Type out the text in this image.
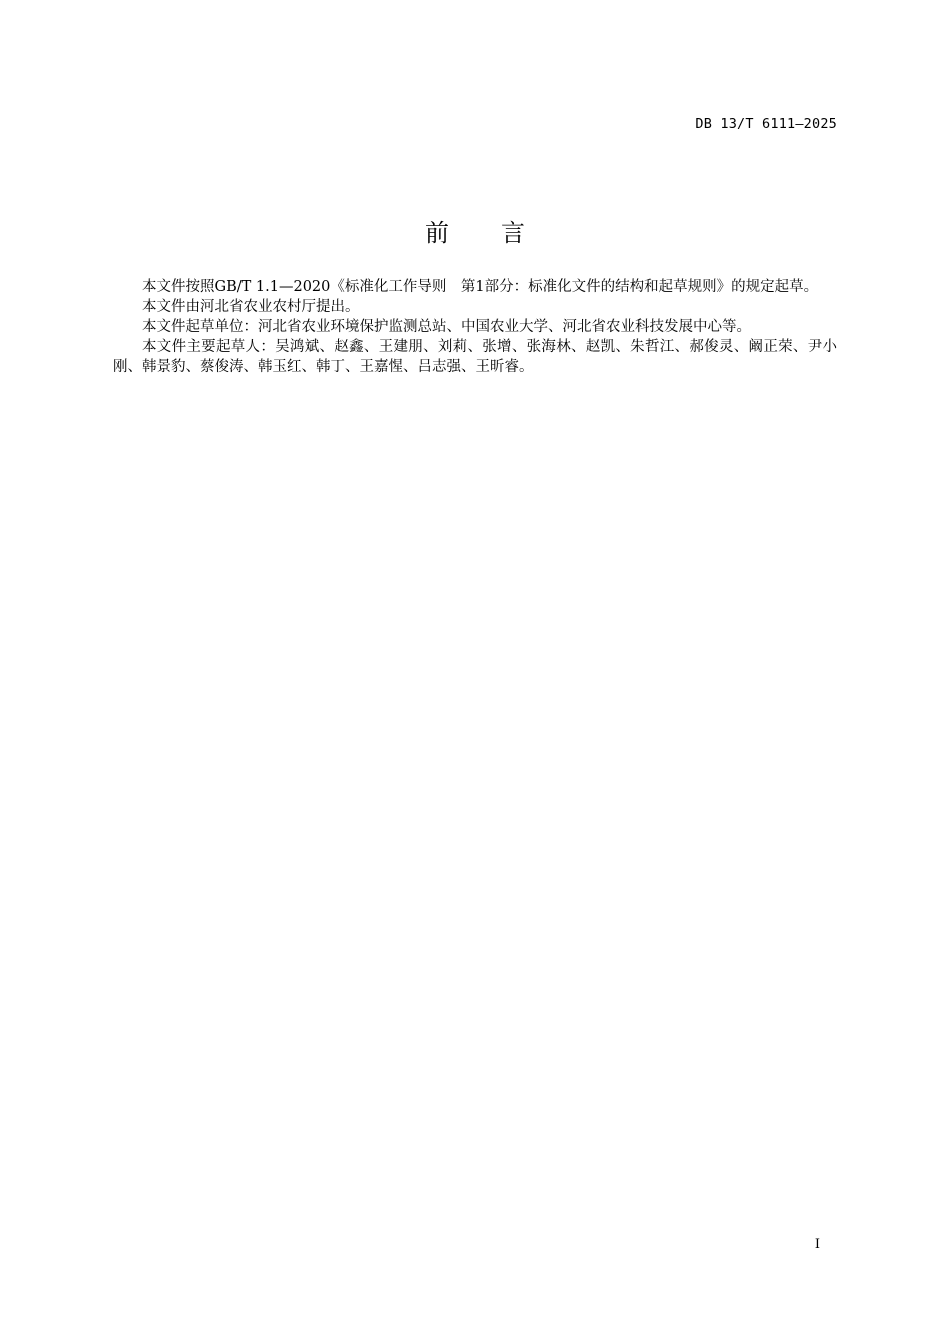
DB 13/T 6111—2025
前言

本文件按照GB/T 1.1—2020《标准化工作导则　第1部分：标准化文件的结构和起草规则》的规定起草。

本文件由河北省农业农村厅提出。

本文件起草单位：河北省农业环境保护监测总站、中国农业大学、河北省农业科技发展中心等。

本文件主要起草人：吴鸿斌、赵鑫、王建朋、刘莉、张增、张海林、赵凯、朱哲江、郝俊灵、阚正荣、尹小刚、韩景豹、蔡俊涛、韩玉红、韩丁、王嘉惺、吕志强、王昕睿。

I
